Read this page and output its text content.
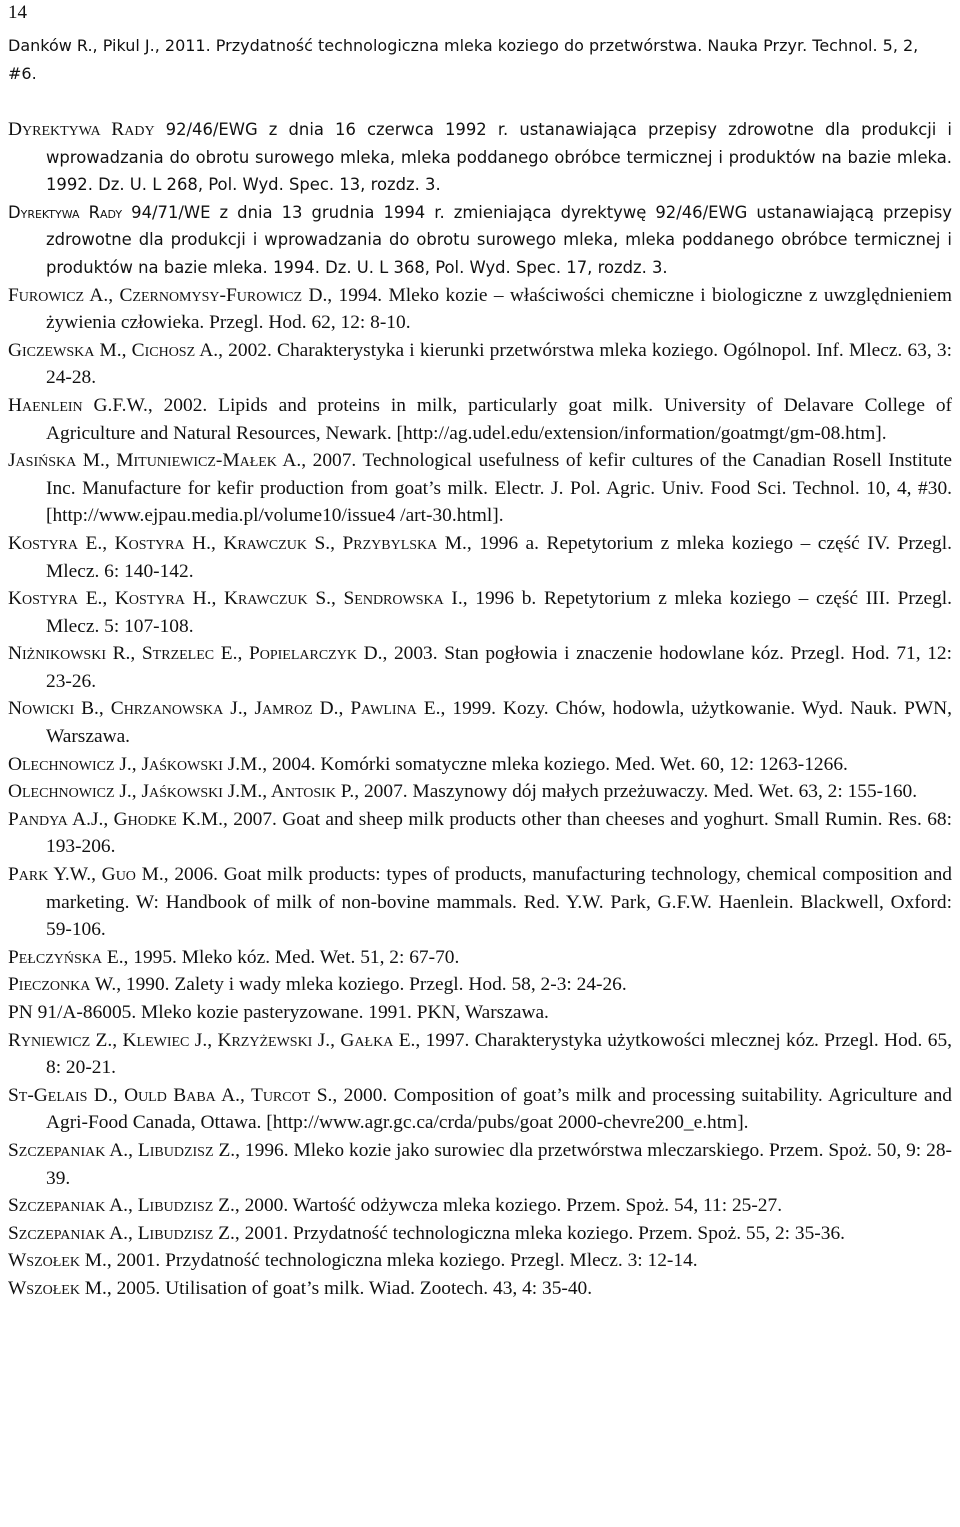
14
Danków R., Pikul J., 2011. Przydatność technologiczna mleka koziego do przetwórstwa. Nauka Przyr. Technol. 5, 2, #6.

Dyrektywa Rady 92/46/EWG z dnia 16 czerwca 1992 r. ustanawiająca przepisy zdrowotne dla produkcji i wprowadzania do obrotu surowego mleka, mleka poddanego obróbce termicznej i produktów na bazie mleka. 1992. Dz. U. L 268, Pol. Wyd. Spec. 13, rozdz. 3.

Dyrektywa Rady 94/71/WE z dnia 13 grudnia 1994 r. zmieniająca dyrektywę 92/46/EWG ustanawiającą przepisy zdrowotne dla produkcji i wprowadzania do obrotu surowego mleka, mleka poddanego obróbce termicznej i produktów na bazie mleka. 1994. Dz. U. L 368, Pol. Wyd. Spec. 17, rozdz. 3.

Furowicz A., Czernomysy-Furowicz D., 1994. Mleko kozie – właściwości chemiczne i biologiczne z uwzględnieniem żywienia człowieka. Przegl. Hod. 62, 12: 8-10.

Giczewska M., Cichosz A., 2002. Charakterystyka i kierunki przetwórstwa mleka koziego. Ogólnopol. Inf. Mlecz. 63, 3: 24-28.

Haenlein G.F.W., 2002. Lipids and proteins in milk, particularly goat milk. University of Delavare College of Agriculture and Natural Resources, Newark. [http://ag.udel.edu/extension/information/goatmgt/gm-08.htm].

Jasińska M., Mituniewicz-Małek A., 2007. Technological usefulness of kefir cultures of the Canadian Rosell Institute Inc. Manufacture for kefir production from goat’s milk. Electr. J. Pol. Agric. Univ. Food Sci. Technol. 10, 4, #30. [http://www.ejpau.media.pl/volume10/issue4 /art-30.html].

Kostyra E., Kostyra H., Krawczuk S., Przybylska M., 1996 a. Repetytorium z mleka koziego – część IV. Przegl. Mlecz. 6: 140-142.

Kostyra E., Kostyra H., Krawczuk S., Sendrowska I., 1996 b. Repetytorium z mleka koziego – część III. Przegl. Mlecz. 5: 107-108.

Niżnikowski R., Strzelec E., Popielarczyk D., 2003. Stan pogłowia i znaczenie hodowlane kóz. Przegl. Hod. 71, 12: 23-26.

Nowicki B., Chrzanowska J., Jamroz D., Pawlina E., 1999. Kozy. Chów, hodowla, użytkowanie. Wyd. Nauk. PWN, Warszawa.

Olechnowicz J., Jaśkowski J.M., 2004. Komórki somatyczne mleka koziego. Med. Wet. 60, 12: 1263-1266.

Olechnowicz J., Jaśkowski J.M., Antosik P., 2007. Maszynowy dój małych przeżuwaczy. Med. Wet. 63, 2: 155-160.

Pandya A.J., Ghodke K.M., 2007. Goat and sheep milk products other than cheeses and yoghurt. Small Rumin. Res. 68: 193-206.

Park Y.W., Guo M., 2006. Goat milk products: types of products, manufacturing technology, chemical composition and marketing. W: Handbook of milk of non-bovine mammals. Red. Y.W. Park, G.F.W. Haenlein. Blackwell, Oxford: 59-106.

Pełczyńska E., 1995. Mleko kóz. Med. Wet. 51, 2: 67-70.

Pieczonka W., 1990. Zalety i wady mleka koziego. Przegl. Hod. 58, 2-3: 24-26.

PN 91/A-86005. Mleko kozie pasteryzowane. 1991. PKN, Warszawa.

Ryniewicz Z., Klewiec J., Krzyżewski J., Gałka E., 1997. Charakterystyka użytkowości mlecznej kóz. Przegl. Hod. 65, 8: 20-21.

St-Gelais D., Ould Baba A., Turcot S., 2000. Composition of goat’s milk and processing suitability. Agriculture and Agri-Food Canada, Ottawa. [http://www.agr.gc.ca/crda/pubs/goat 2000-chevre200_e.htm].

Szczepaniak A., Libudzisz Z., 1996. Mleko kozie jako surowiec dla przetwórstwa mleczarskiego. Przem. Spoż. 50, 9: 28-39.

Szczepaniak A., Libudzisz Z., 2000. Wartość odżywcza mleka koziego. Przem. Spoż. 54, 11: 25-27.

Szczepaniak A., Libudzisz Z., 2001. Przydatność technologiczna mleka koziego. Przem. Spoż. 55, 2: 35-36.

Wszołek M., 2001. Przydatność technologiczna mleka koziego. Przegl. Mlecz. 3: 12-14.

Wszołek M., 2005. Utilisation of goat’s milk. Wiad. Zootech. 43, 4: 35-40.
